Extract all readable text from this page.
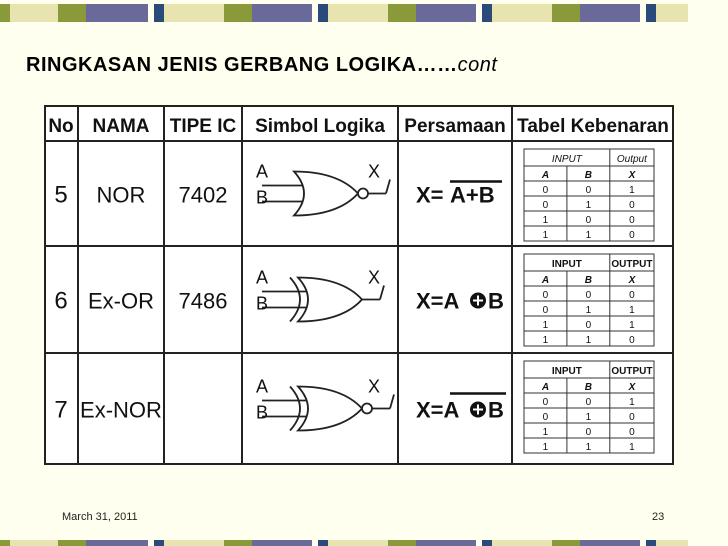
RINGKASAN JENIS GERBANG LOGIKA……cont
No NAMA TIPE IC Simbol Logika Persamaan Tabel Kebenaran
5 NOR 7402
A
B
X
X= A+B
INPUT	Output
A	B	X
0	0	1
0	1	0
1	0	0
1	1	0
6 Ex-OR 7486
A
B
X
X=A B
INPUT	OUTPUT
A	B	X
0	0	0
0	1	1
1	0	1
1	1	0
7 Ex-NOR
A
B
X
X=A B
INPUT	OUTPUT
A	B	X
0	0	1
0	1	0
1	0	0
1	1	1
March 31, 2011	23
